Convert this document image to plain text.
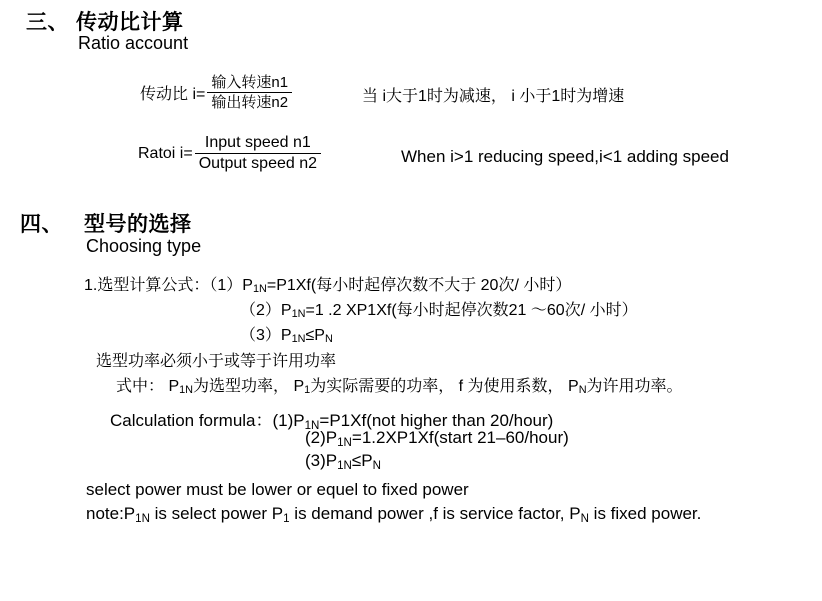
三、 传动比计算
Ratio account
传动比 $i= \frac{\text{输入转速n1}}{\text{输出转速n2}}$	当 i大于1时为减速， i 小于1时为增速
Ratoi $i= \frac{\text{Input speed n1}}{\text{Output speed n2}}$	When i>1 reducing speed,i<1 adding speed
四、 型号的选择
Choosing type
1.选型计算公式：$(1)P_{1N}=P1Xf$(每小时起停次数不大于 20次/ 小时）
$(2)P_{1N}=1$ .2 XP1Xf(每小时起停次数21 ～60次/ 小时）
$(3)P_{1N}\le P_N$
选型功率必须小于或等于许用功率
式中： $P_{1N}$为选型功率， $P_1$为实际需要的功率， f 为使用系数， $P_N$为许用功率。
Calculation formula：$(1)P_{1N}=P1Xf(not$ higher than 20/hour)
$(2)P_{1N}=1.2XP1Xf(start$ 21–60/hour)
$(3)P_{1N}\le P_N$
select power must be lower or equel to fixed power
$note:P_{1N}$ is select power $P_1$ is demand power ,f is service factor, $P_N$ is fixed power.
